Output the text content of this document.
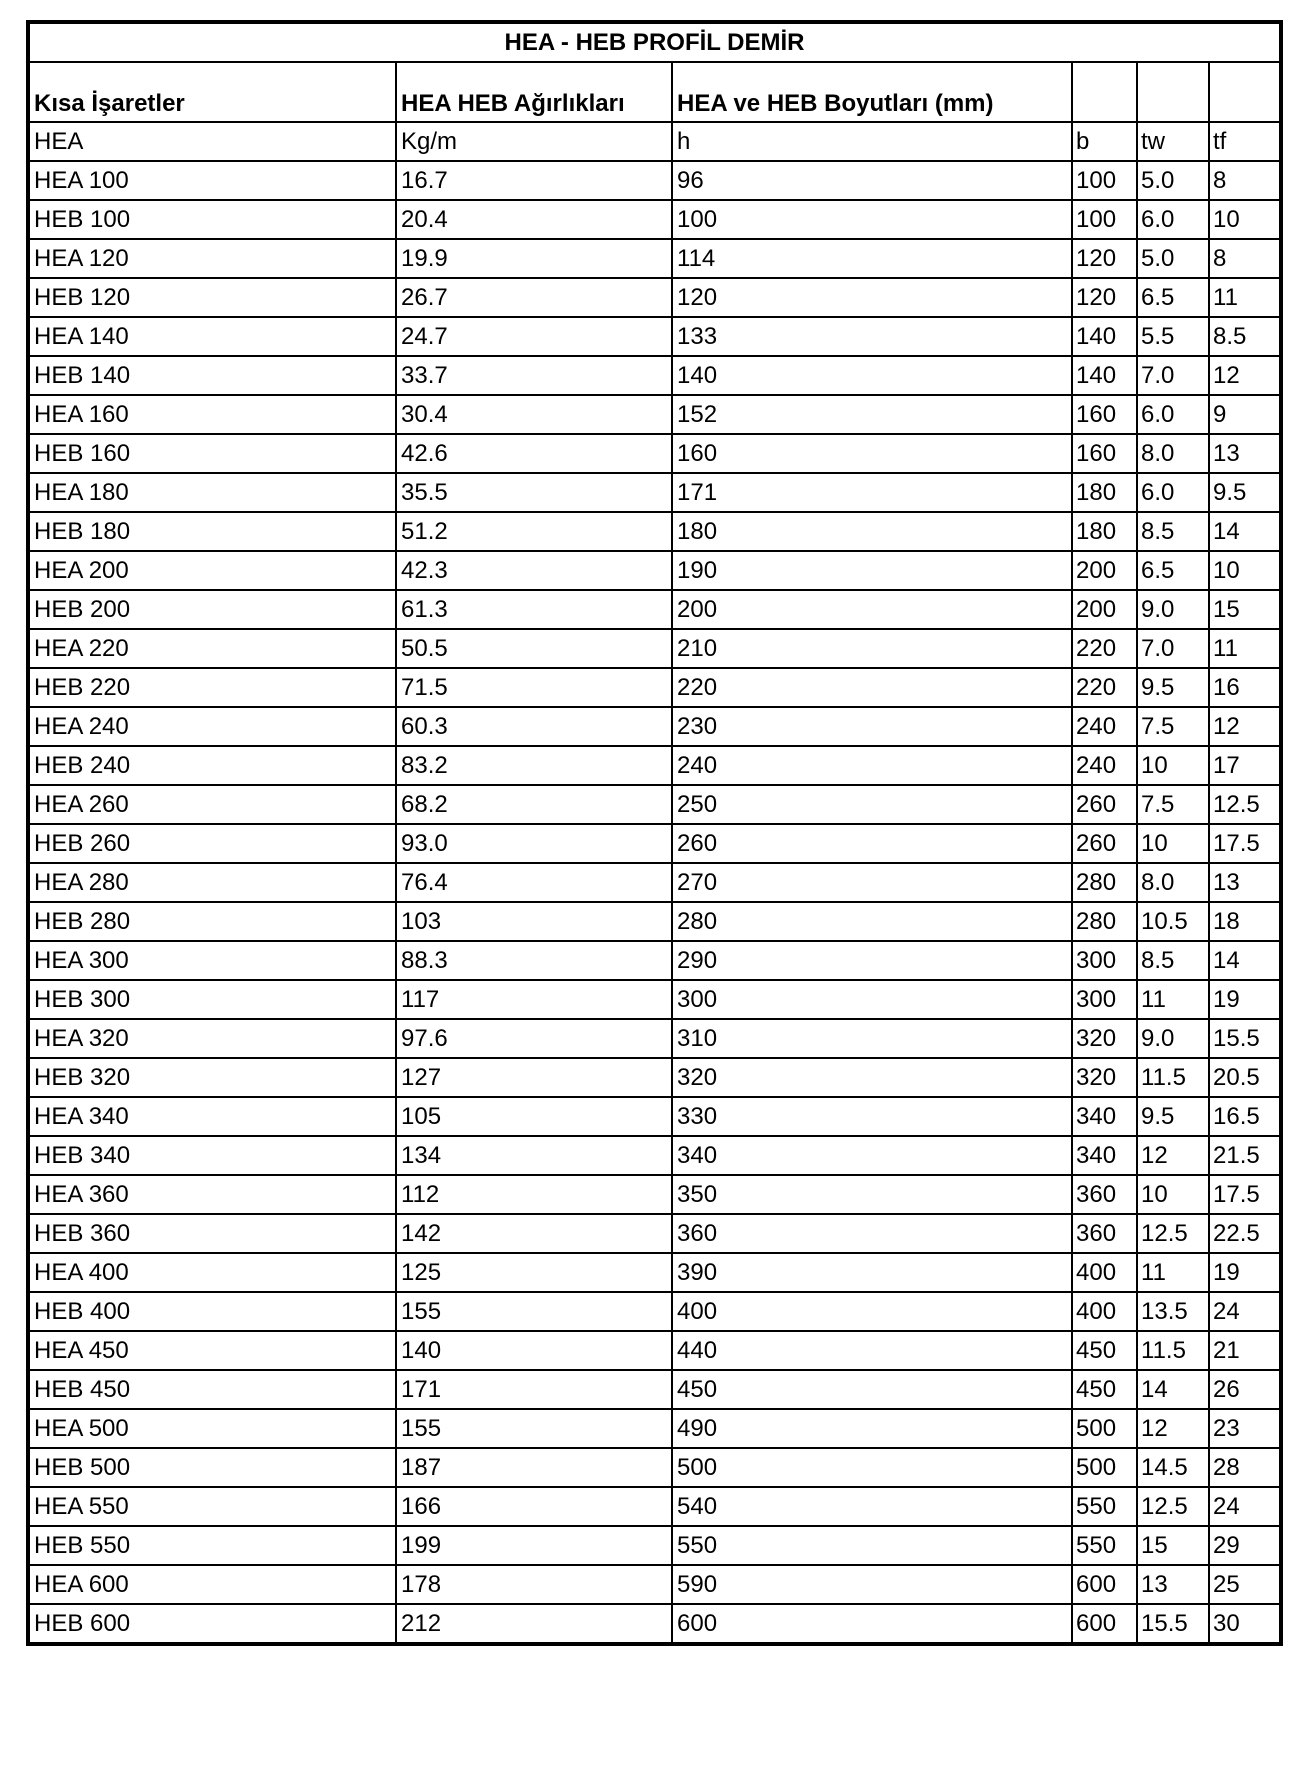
HEA - HEB PROFİL DEMİR					
Kısa İşaretler	HEA HEB Ağırlıkları	HEA ve HEB Boyutları (mm)			
HEA	Kg/m	h	b	tw	tf
HEA 100	16.7	96	100	5.0	8
HEB 100	20.4	100	100	6.0	10
HEA 120	19.9	114	120	5.0	8
HEB 120	26.7	120	120	6.5	11
HEA 140	24.7	133	140	5.5	8.5
HEB 140	33.7	140	140	7.0	12
HEA 160	30.4	152	160	6.0	9
HEB 160	42.6	160	160	8.0	13
HEA 180	35.5	171	180	6.0	9.5
HEB 180	51.2	180	180	8.5	14
HEA 200	42.3	190	200	6.5	10
HEB 200	61.3	200	200	9.0	15
HEA 220	50.5	210	220	7.0	11
HEB 220	71.5	220	220	9.5	16
HEA 240	60.3	230	240	7.5	12
HEB 240	83.2	240	240	10	17
HEA 260	68.2	250	260	7.5	12.5
HEB 260	93.0	260	260	10	17.5
HEA 280	76.4	270	280	8.0	13
HEB 280	103	280	280	10.5	18
HEA 300	88.3	290	300	8.5	14
HEB 300	117	300	300	11	19
HEA 320	97.6	310	320	9.0	15.5
HEB 320	127	320	320	11.5	20.5
HEA 340	105	330	340	9.5	16.5
HEB 340	134	340	340	12	21.5
HEA 360	112	350	360	10	17.5
HEB 360	142	360	360	12.5	22.5
HEA 400	125	390	400	11	19
HEB 400	155	400	400	13.5	24
HEA 450	140	440	450	11.5	21
HEB 450	171	450	450	14	26
HEA 500	155	490	500	12	23
HEB 500	187	500	500	14.5	28
HEA 550	166	540	550	12.5	24
HEB 550	199	550	550	15	29
HEA 600	178	590	600	13	25
HEB 600	212	600	600	15.5	30
